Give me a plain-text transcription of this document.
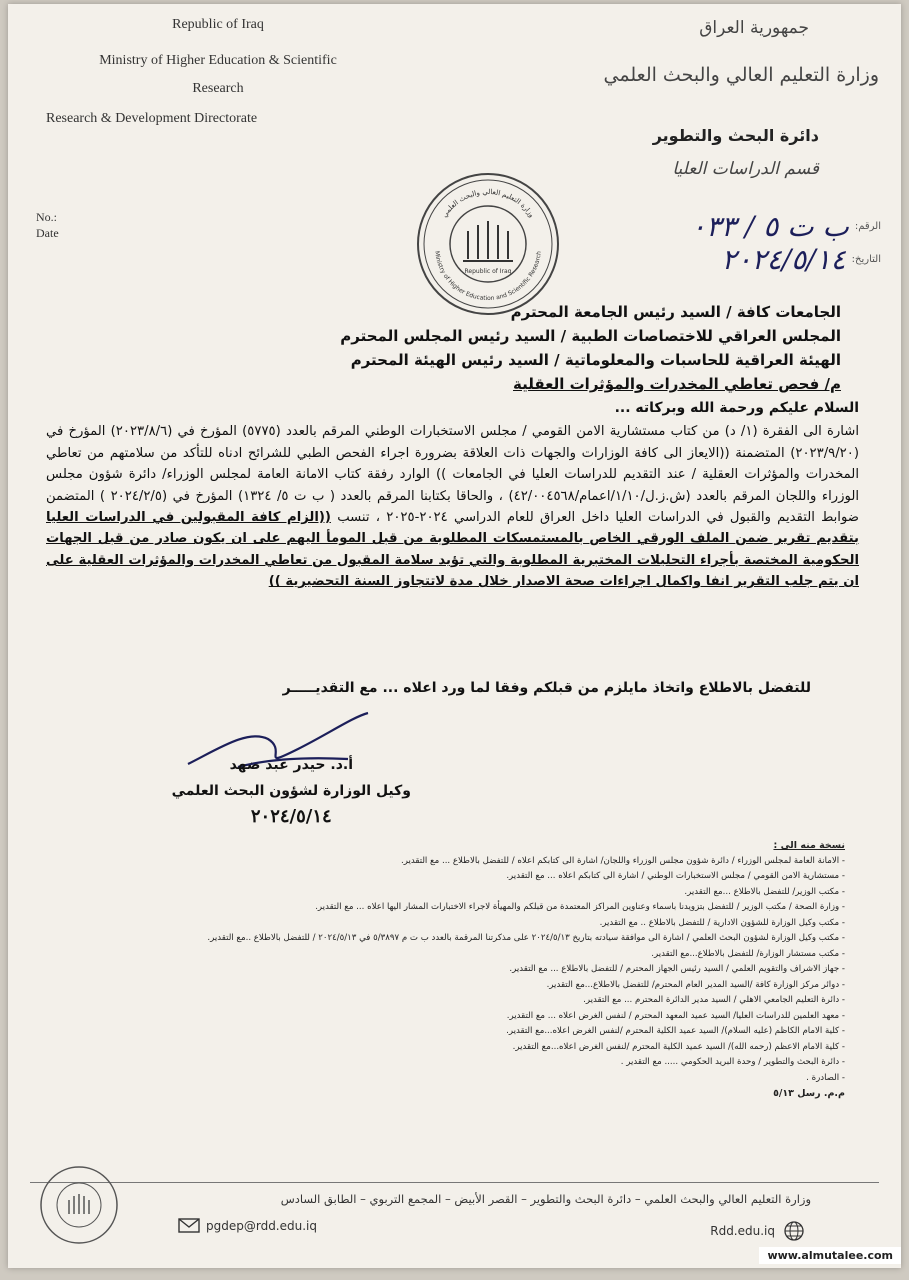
Republic of Iraq
Ministry of Higher Education & Scientific
Research
Research & Development Directorate
جمهورية العراق
وزارة التعليم العالي والبحث العلمي
دائرة البحث والتطوير
قسم الدراسات العليا
No.:
Date	الرقم:
ب ت ٥ / ٠٣٣
التاريخ:
٢٠٢٤/٥/١٤
وزارة التعليم العالي والبحث العلمي
Ministry of Higher Education and Scientific Research
Republic of Iraq
الجامعات كافة / السيد رئيس الجامعة المحترم
المجلس العراقي للاختصاصات الطبية / السيد رئيس المجلس المحترم
الهيئة العراقية للحاسبات والمعلوماتية / السيد رئيس الهيئة المحترم
م/ فحص تعاطي المخدرات والمؤثرات العقلية
السلام عليكم ورحمة الله وبركاته ...
اشارة الى الفقرة (١/ د) من كتاب مستشارية الامن القومي / مجلس الاستخبارات الوطني المرقم بالعدد (٥٧٧٥) المؤرخ في (٢٠٢٣/٨/٦) المؤرخ في (٢٠٢٣/٩/٢٠) المتضمنة ((الايعاز الى كافة الوزارات والجهات ذات العلاقة بضرورة اجراء الفحص الطبي للشرائح ادناه للتأكد من سلامتهم من تعاطي المخدرات والمؤثرات العقلية / عند التقديم للدراسات العليا في الجامعات )) الوارد رفقة كتاب الامانة العامة لمجلس الوزراء/ دائرة شؤون مجلس الوزراء واللجان المرقم بالعدد (ش.ز.ل/١/١٠/اعمام/٤٢/٠٠٤٥٦٨) ، والحاقا بكتابنا المرقم بالعدد ( ب ت ٥/ ١٣٢٤) المؤرخ في (٢٠٢٤/٢/٥ ) المتضمن ضوابط التقديم والقبول في الدراسات العليا داخل العراق للعام الدراسي ٢٠٢٤-٢٠٢٥ ، تنسب ((الزام كافة المقبولين في الدراسات العليا بتقديم تقرير ضمن الملف الورقي الخاص بالمستمسكات المطلوبة من قبل المومأ اليهم على ان يكون صادر من قبل الجهات الحكومية المختصة بأجراء التحليلات المختبرية المطلوبة والتي تؤيد سلامة المقبول من تعاطي المخدرات والمؤثرات العقلية على ان يتم جلب التقرير انفا واكمال اجراءات صحة الاصدار خلال مدة لاتتجاوز السنة التحضيرية ))
للتفضل بالاطلاع واتخاذ مايلزم من قبلكم وفقا لما ورد اعلاه ... مع التقديـــــر
أ.د. حيدر عبد ضهد
وكيل الوزارة لشؤون البحث العلمي
٢٠٢٤/٥/١٤
نسخة منه الى :
- الامانة العامة لمجلس الوزراء / دائرة شؤون مجلس الوزراء واللجان/ اشارة الى كتابكم اعلاه / للتفضل بالاطلاع ... مع التقدير.
- مستشارية الامن القومي / مجلس الاستخبارات الوطني / اشارة الى كتابكم اعلاه ... مع التقدير.
- مكتب الوزير/ للتفضل بالاطلاع ...مع التقدير.
- وزارة الصحة / مكتب الوزير / للتفضل بتزويدنا باسماء وعناوين المراكز المعتمدة من قبلكم والمهيأة لاجراء الاختبارات المشار اليها اعلاه ... مع التقدير.
- مكتب وكيل الوزارة للشؤون الادارية / للتفضل بالاطلاع .. مع التقدير.
- مكتب وكيل الوزارة لشؤون البحث العلمي / اشارة الى موافقة سيادته بتاريخ ٢٠٢٤/٥/١٣ على مذكرتنا المرقمة بالعدد ب ت م ٥/٣٨٩٧ في ٢٠٢٤/٥/١٣ / للتفضل بالاطلاع ..مع التقدير.
- مكتب مستشار الوزارة/ للتفضل بالاطلاع...مع التقدير.
- جهاز الاشراف والتقويم العلمي / السيد رئيس الجهاز المحترم / للتفضل بالاطلاع ... مع التقدير.
- دوائر مركز الوزارة كافة /السيد المدير العام المحترم/ للتفضل بالاطلاع...مع التقدير.
- دائرة التعليم الجامعي الاهلي / السيد مدير الدائرة المحترم ... مع التقدير.
- معهد العلمين للدراسات العليا/ السيد عميد المعهد المحترم / لنفس الغرض اعلاه ... مع التقدير.
- كلية الامام الكاظم (عليه السلام)/ السيد عميد الكلية المحترم /لنفس الغرض اعلاه...مع التقدير.
- كلية الامام الاعظم (رحمه الله)/ السيد عميد الكلية المحترم /لنفس الغرض اعلاه...مع التقدير.
- دائرة البحث والتطوير / وحدة البريد الحكومي ..... مع التقدير .
- الصادرة .
م.م. رسل ٥/١٣
وزارة التعليم العالي والبحث العلمي – دائرة البحث والتطوير – القصر الأبيض – المجمع التربوي – الطابق السادس
pgdep@rdd.edu.iq	Rdd.edu.iq
www.almutalee.com
